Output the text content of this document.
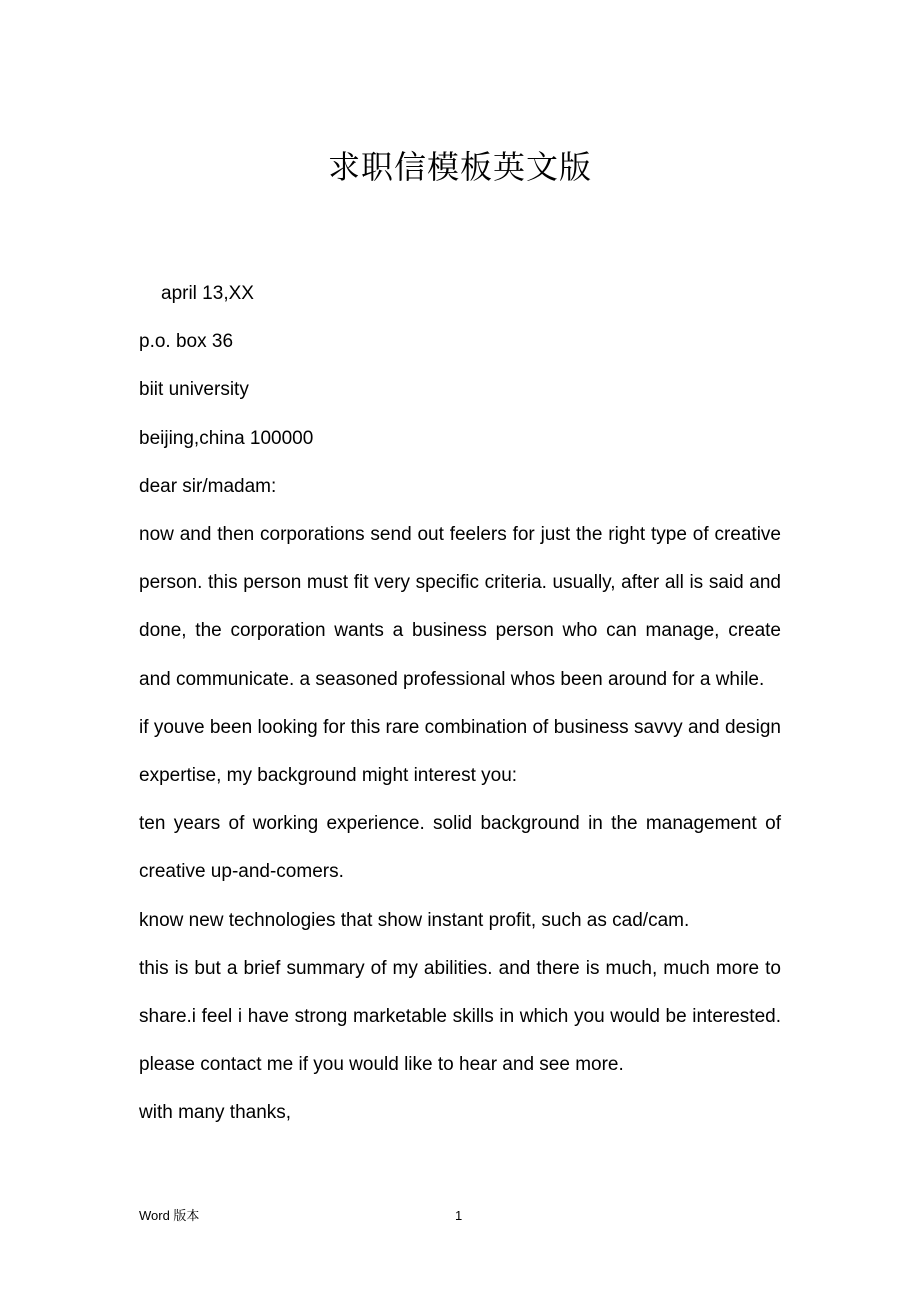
求职信模板英文版
april 13,XX
p.o. box 36
biit university
beijing,china 100000
dear sir/madam:
now and then corporations send out feelers for just the right type of creative person. this person must fit very specific criteria. usually, after all is said and done, the corporation wants a business person who can manage, create and communicate. a seasoned professional whos been around for a while.
if youve been looking for this rare combination of business savvy and design expertise, my background might interest you:
ten years of working experience. solid background in the management of creative up-and-comers.
know new technologies that show instant profit, such as cad/cam.
this is but a brief summary of my abilities. and there is much, much more to share.i feel i have strong marketable skills in which you would be interested. please contact me if you would like to hear and see more.
with many thanks,
Word 版本	1
